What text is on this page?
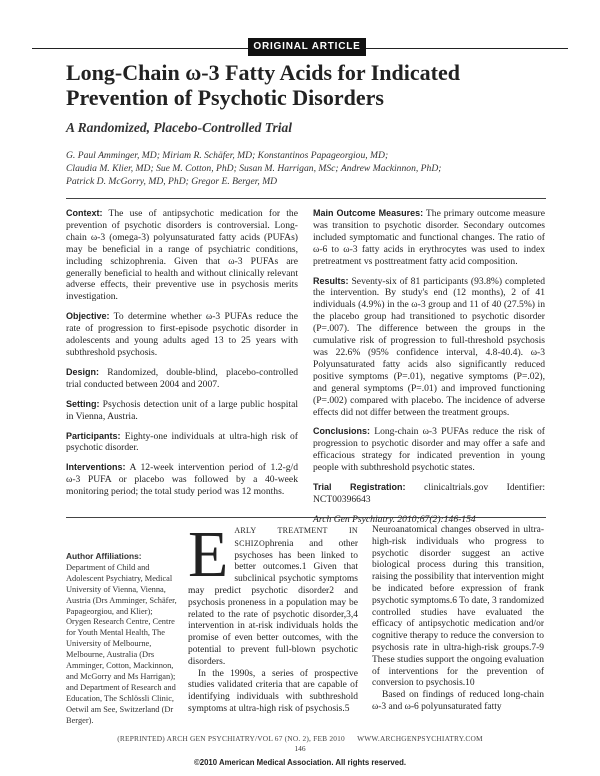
ORIGINAL ARTICLE
Long-Chain ω-3 Fatty Acids for Indicated Prevention of Psychotic Disorders
A Randomized, Placebo-Controlled Trial
G. Paul Amminger, MD; Miriam R. Schäfer, MD; Konstantinos Papageorgiou, MD;
Claudia M. Klier, MD; Sue M. Cotton, PhD; Susan M. Harrigan, MSc; Andrew Mackinnon, PhD;
Patrick D. McGorry, MD, PhD; Gregor E. Berger, MD

Context: The use of antipsychotic medication for the prevention of psychotic disorders is controversial. Long-chain ω-3 (omega-3) polyunsaturated fatty acids (PUFAs) may be beneficial in a range of psychiatric conditions, including schizophrenia. Given that ω-3 PUFAs are generally beneficial to health and without clinically relevant adverse effects, their preventive use in psychosis merits investigation.

Objective: To determine whether ω-3 PUFAs reduce the rate of progression to first-episode psychotic disorder in adolescents and young adults aged 13 to 25 years with subthreshold psychosis.

Design: Randomized, double-blind, placebo-controlled trial conducted between 2004 and 2007.

Setting: Psychosis detection unit of a large public hospital in Vienna, Austria.

Participants: Eighty-one individuals at ultra-high risk of psychotic disorder.

Interventions: A 12-week intervention period of 1.2-g/d ω-3 PUFA or placebo was followed by a 40-week monitoring period; the total study period was 12 months.

Main Outcome Measures: The primary outcome measure was transition to psychotic disorder. Secondary outcomes included symptomatic and functional changes. The ratio of ω-6 to ω-3 fatty acids in erythrocytes was used to index pretreatment vs posttreatment fatty acid composition.

Results: Seventy-six of 81 participants (93.8%) completed the intervention. By study's end (12 months), 2 of 41 individuals (4.9%) in the ω-3 group and 11 of 40 (27.5%) in the placebo group had transitioned to psychotic disorder (P=.007). The difference between the groups in the cumulative risk of progression to full-threshold psychosis was 22.6% (95% confidence interval, 4.8-40.4). ω-3 Polyunsaturated fatty acids also significantly reduced positive symptoms (P=.01), negative symptoms (P=.02), and general symptoms (P=.01) and improved functioning (P=.002) compared with placebo. The incidence of adverse effects did not differ between the treatment groups.

Conclusions: Long-chain ω-3 PUFAs reduce the risk of progression to psychotic disorder and may offer a safe and efficacious strategy for indicated prevention in young people with subthreshold psychotic states.

Trial Registration: clinicaltrials.gov Identifier: NCT00396643

Arch Gen Psychiatry. 2010;67(2):146-154

Author Affiliations:
Department of Child and Adolescent Psychiatry, Medical University of Vienna, Vienna, Austria (Drs Amminger, Schäfer, Papageorgiou, and Klier); Orygen Research Centre, Centre for Youth Mental Health, The University of Melbourne, Melbourne, Australia (Drs Amminger, Cotton, Mackinnon, and McGorry and Ms Harrigan); and Department of Research and Education, The Schlössli Clinic, Oetwil am See, Switzerland (Dr Berger).

EARLY TREATMENT IN SCHIZOphrenia and other psychoses has been linked to better outcomes.1 Given that subclinical psychotic symptoms may predict psychotic disorder2 and psychosis proneness in a population may be related to the rate of psychotic disorder,3,4 intervention in at-risk individuals holds the promise of even better outcomes, with the potential to prevent full-blown psychotic disorders.

In the 1990s, a series of prospective studies validated criteria that are capable of identifying individuals with subthreshold symptoms at ultra-high risk of psychosis.5

Neuroanatomical changes observed in ultra-high-risk individuals who progress to psychotic disorder suggest an active biological process during this transition, raising the possibility that intervention might be indicated before expression of frank psychotic symptoms.6 To date, 3 randomized controlled studies have evaluated the efficacy of antipsychotic medication and/or cognitive therapy to reduce the conversion to psychosis rate in ultra-high-risk groups.7-9 These studies support the ongoing evaluation of interventions for the prevention of conversion to psychosis.10

Based on findings of reduced long-chain ω-3 and ω-6 polyunsaturated fatty

(REPRINTED) ARCH GEN PSYCHIATRY/VOL 67 (NO. 2), FEB 2010      WWW.ARCHGENPSYCHIATRY.COM
146
©2010 American Medical Association. All rights reserved.
